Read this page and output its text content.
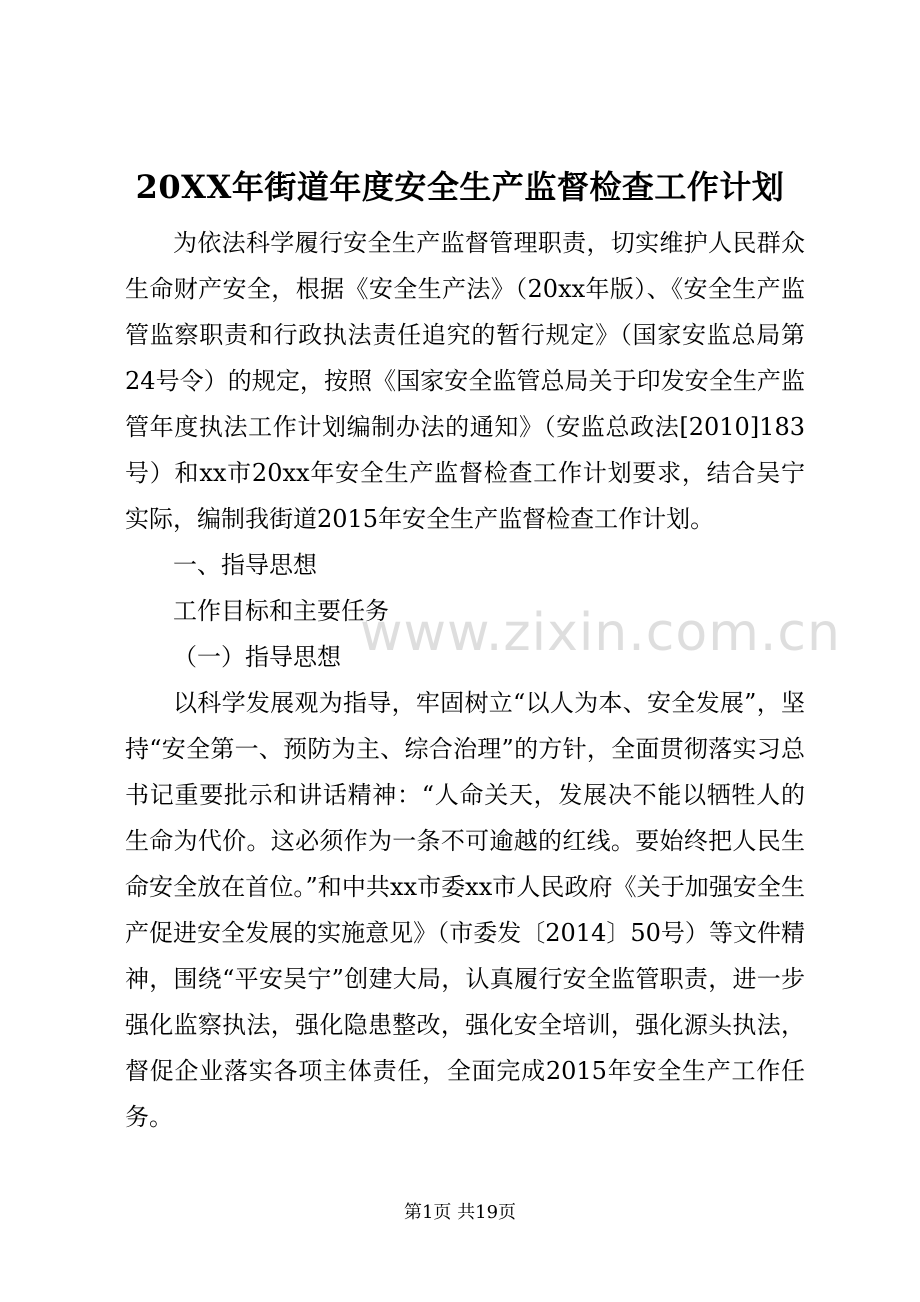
20XX年街道年度安全生产监督检查工作计划

为依法科学履行安全生产监督管理职责，切实维护人民群众生命财产安全，根据《安全生产法》（20xx年版）、《安全生产监管监察职责和行政执法责任追究的暂行规定》（国家安监总局第24号令）的规定，按照《国家安全监管总局关于印发安全生产监管年度执法工作计划编制办法的通知》（安监总政法[2010]183号）和xx市20xx年安全生产监督检查工作计划要求，结合吴宁实际，编制我街道2015年安全生产监督检查工作计划。

一、指导思想

工作目标和主要任务

（一）指导思想

以科学发展观为指导，牢固树立“以人为本、安全发展”，坚持“安全第一、预防为主、综合治理”的方针，全面贯彻落实习总书记重要批示和讲话精神：“人命关天，发展决不能以牺牲人的生命为代价。这必须作为一条不可逾越的红线。要始终把人民生命安全放在首位。”和中共xx市委xx市人民政府《关于加强安全生产促进安全发展的实施意见》（市委发〔2014〕50号）等文件精神，围绕“平安吴宁”创建大局，认真履行安全监管职责，进一步强化监察执法，强化隐患整改，强化安全培训，强化源头执法，督促企业落实各项主体责任，全面完成2015年安全生产工作任务。

www.zixin.com.cn
第1页 共19页
